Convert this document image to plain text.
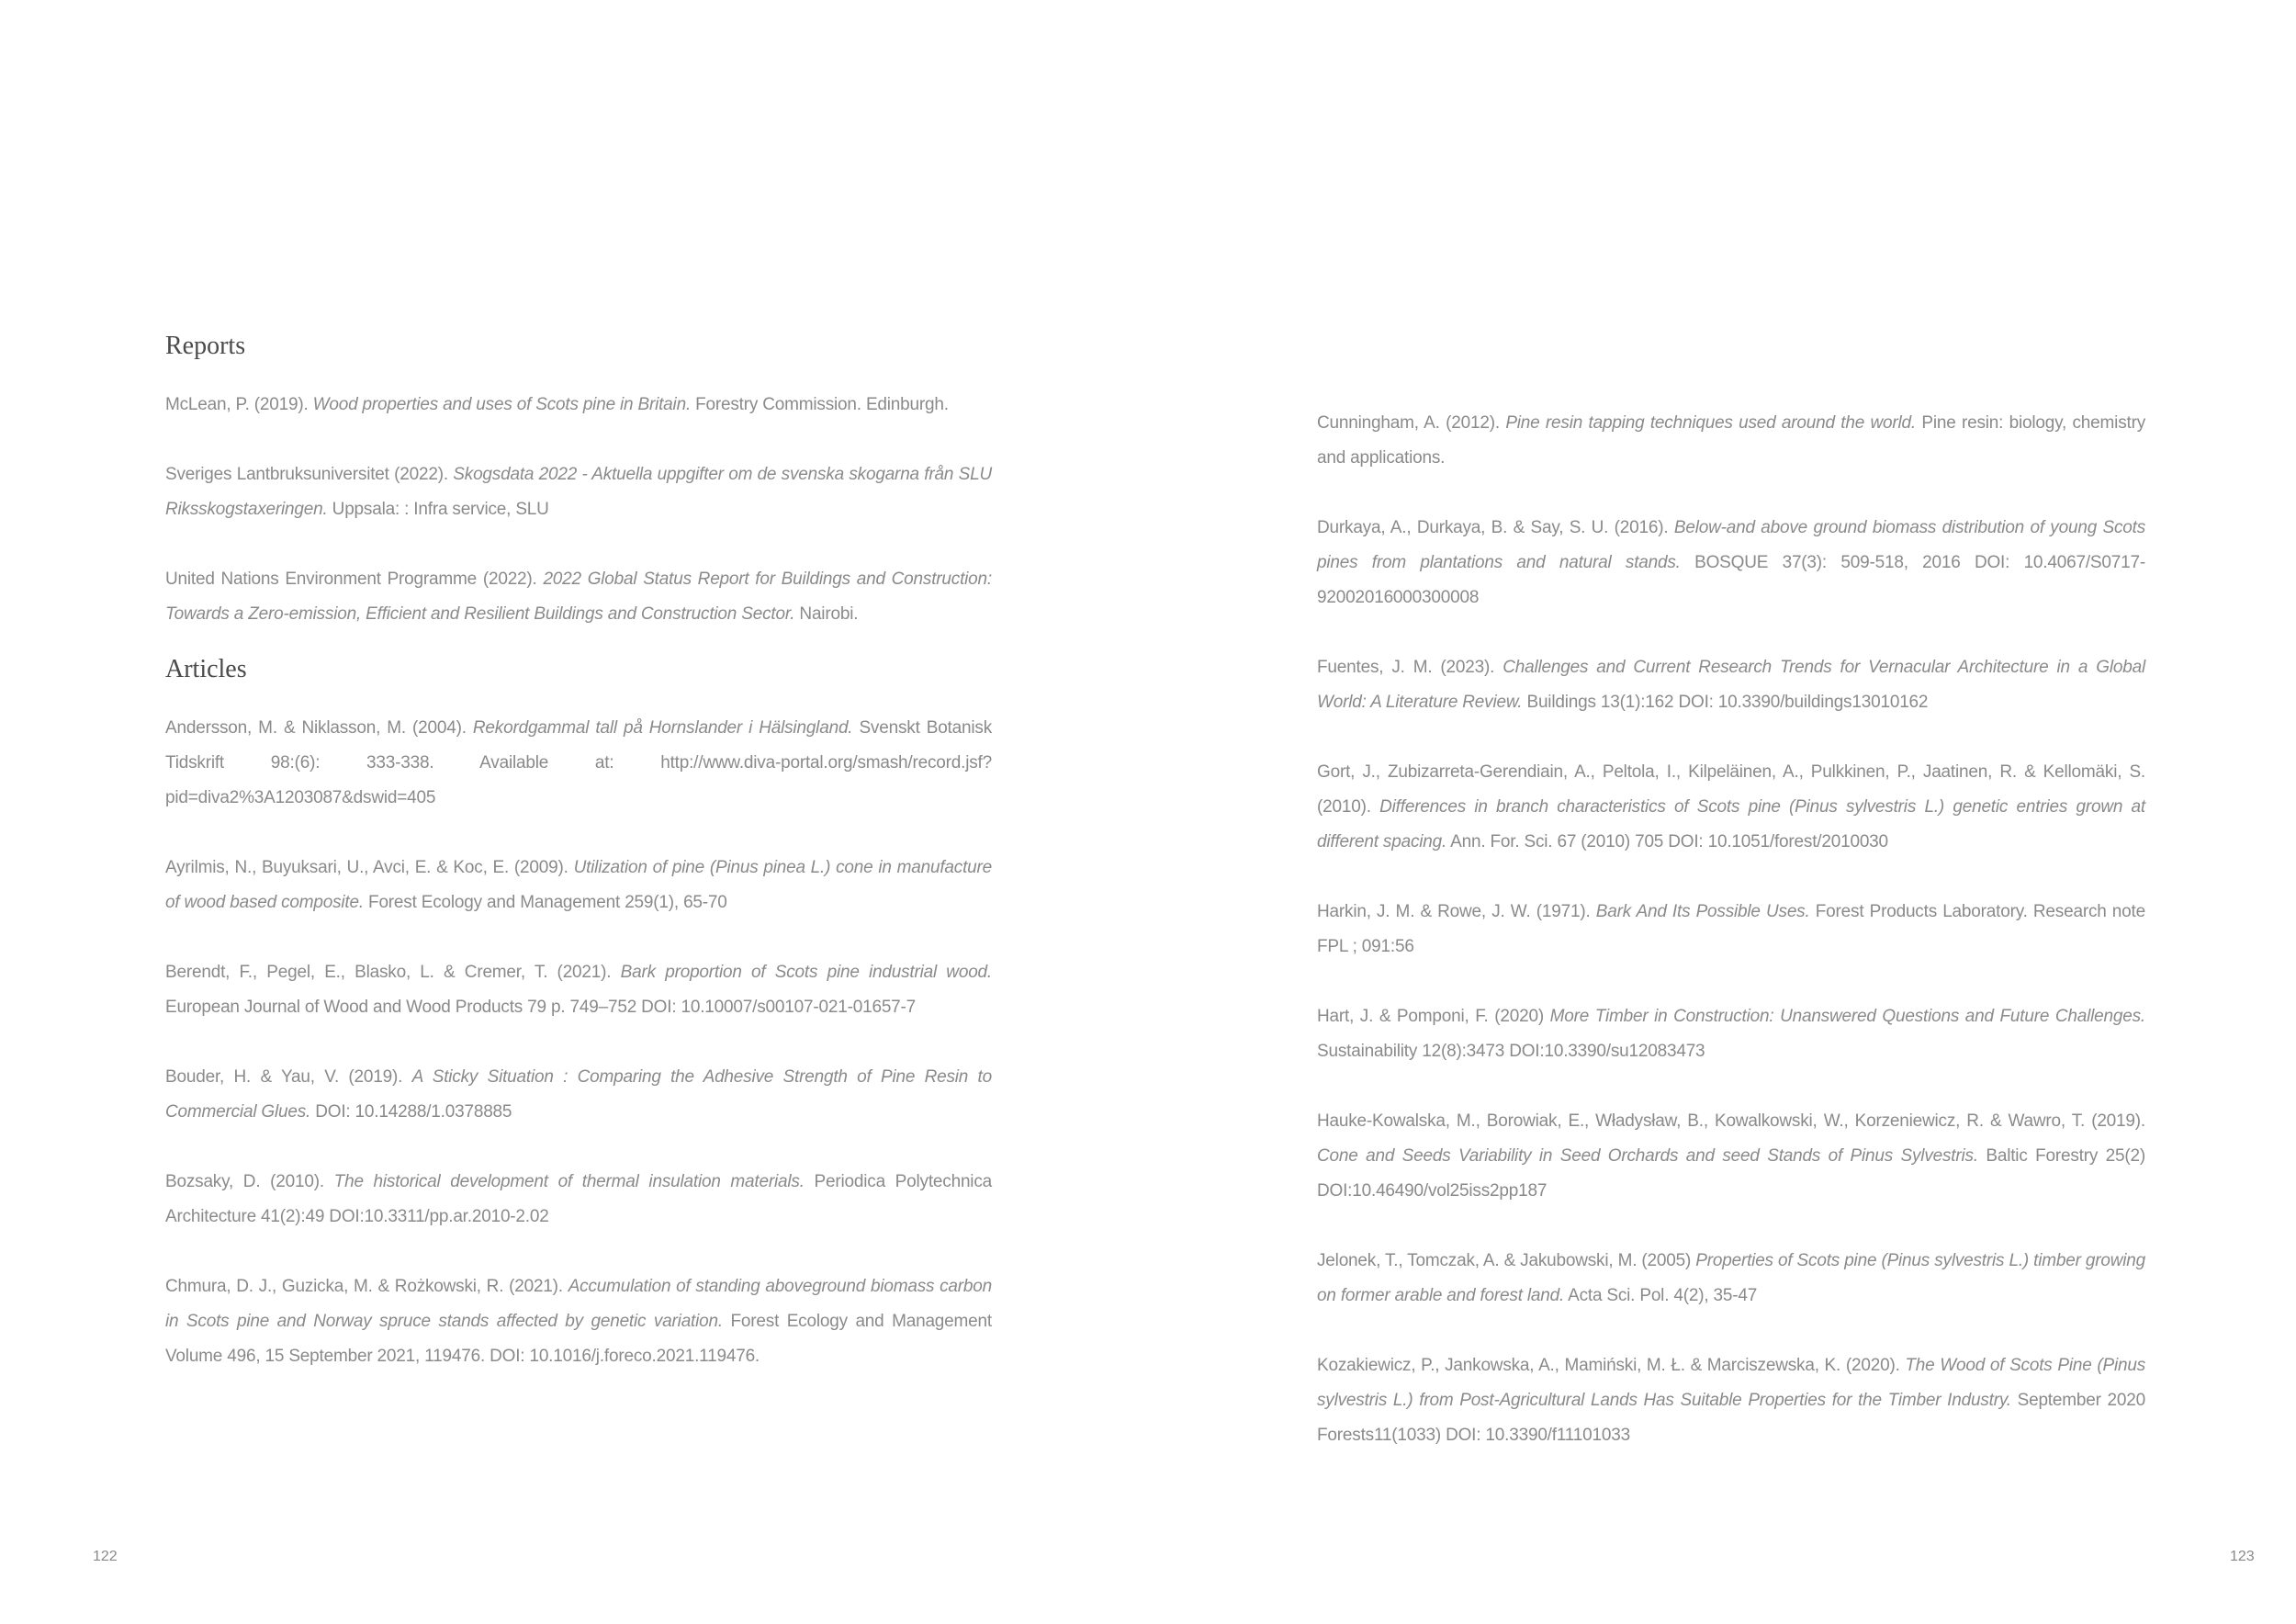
Reports
McLean, P. (2019). Wood properties and uses of Scots pine in Britain. Forestry Commission. Edinburgh.
Sveriges Lantbruksuniversitet (2022). Skogsdata 2022 - Aktuella uppgifter om de svenska skogarna från SLU Riksskogstaxeringen. Uppsala: : Infra service, SLU
United Nations Environment Programme (2022). 2022 Global Status Report for Buildings and Construction: Towards a Zero-emission, Efficient and Resilient Buildings and Construction Sector. Nairobi.
Articles
Andersson, M. & Niklasson, M. (2004). Rekordgammal tall på Hornslander i Hälsingland. Svenskt Botanisk Tidskrift 98:(6): 333-338. Available at: http://www.diva-portal.org/smash/record.jsf?pid=diva2%3A1203087&dswid=405
Ayrilmis, N., Buyuksari, U., Avci, E. & Koc, E. (2009). Utilization of pine (Pinus pinea L.) cone in manufacture of wood based composite. Forest Ecology and Management 259(1), 65-70
Berendt, F., Pegel, E., Blasko, L. & Cremer, T. (2021). Bark proportion of Scots pine industrial wood. European Journal of Wood and Wood Products 79 p. 749–752 DOI: 10.10007/s00107-021-01657-7
Bouder, H. & Yau, V. (2019). A Sticky Situation : Comparing the Adhesive Strength of Pine Resin to Commercial Glues. DOI: 10.14288/1.0378885
Bozsaky, D. (2010). The historical development of thermal insulation materials. Periodica Polytechnica Architecture 41(2):49 DOI:10.3311/pp.ar.2010-2.02
Chmura, D. J., Guzicka, M. & Rożkowski, R. (2021). Accumulation of standing aboveground biomass carbon in Scots pine and Norway spruce stands affected by genetic variation. Forest Ecology and Management Volume 496, 15 September 2021, 119476. DOI: 10.1016/j.foreco.2021.119476.
Cunningham, A. (2012). Pine resin tapping techniques used around the world. Pine resin: biology, chemistry and applications.
Durkaya, A., Durkaya, B. & Say, S. U. (2016). Below-and above ground biomass distribution of young Scots pines from plantations and natural stands. BOSQUE 37(3): 509-518, 2016 DOI: 10.4067/S0717-92002016000300008
Fuentes, J. M. (2023). Challenges and Current Research Trends for Vernacular Architecture in a Global World: A Literature Review. Buildings 13(1):162 DOI: 10.3390/buildings13010162
Gort, J., Zubizarreta-Gerendiain, A., Peltola, I., Kilpeläinen, A., Pulkkinen, P., Jaatinen, R. & Kellomäki, S. (2010). Differences in branch characteristics of Scots pine (Pinus sylvestris L.) genetic entries grown at different spacing. Ann. For. Sci. 67 (2010) 705 DOI: 10.1051/forest/2010030
Harkin, J. M. & Rowe, J. W. (1971). Bark And Its Possible Uses. Forest Products Laboratory. Research note FPL ; 091:56
Hart, J. & Pomponi, F. (2020) More Timber in Construction: Unanswered Questions and Future Challenges. Sustainability 12(8):3473 DOI:10.3390/su12083473
Hauke-Kowalska, M., Borowiak, E., Władysław, B., Kowalkowski, W., Korzeniewicz, R. & Wawro, T. (2019). Cone and Seeds Variability in Seed Orchards and seed Stands of Pinus Sylvestris. Baltic Forestry 25(2) DOI:10.46490/vol25iss2pp187
Jelonek, T., Tomczak, A. & Jakubowski, M. (2005) Properties of Scots pine (Pinus sylvestris L.) timber growing on former arable and forest land. Acta Sci. Pol. 4(2), 35-47
Kozakiewicz, P., Jankowska, A., Mamiński, M. Ł. & Marciszewska, K. (2020). The Wood of Scots Pine (Pinus sylvestris L.) from Post-Agricultural Lands Has Suitable Properties for the Timber Industry. September 2020 Forests11(1033) DOI: 10.3390/f11101033
122	123
